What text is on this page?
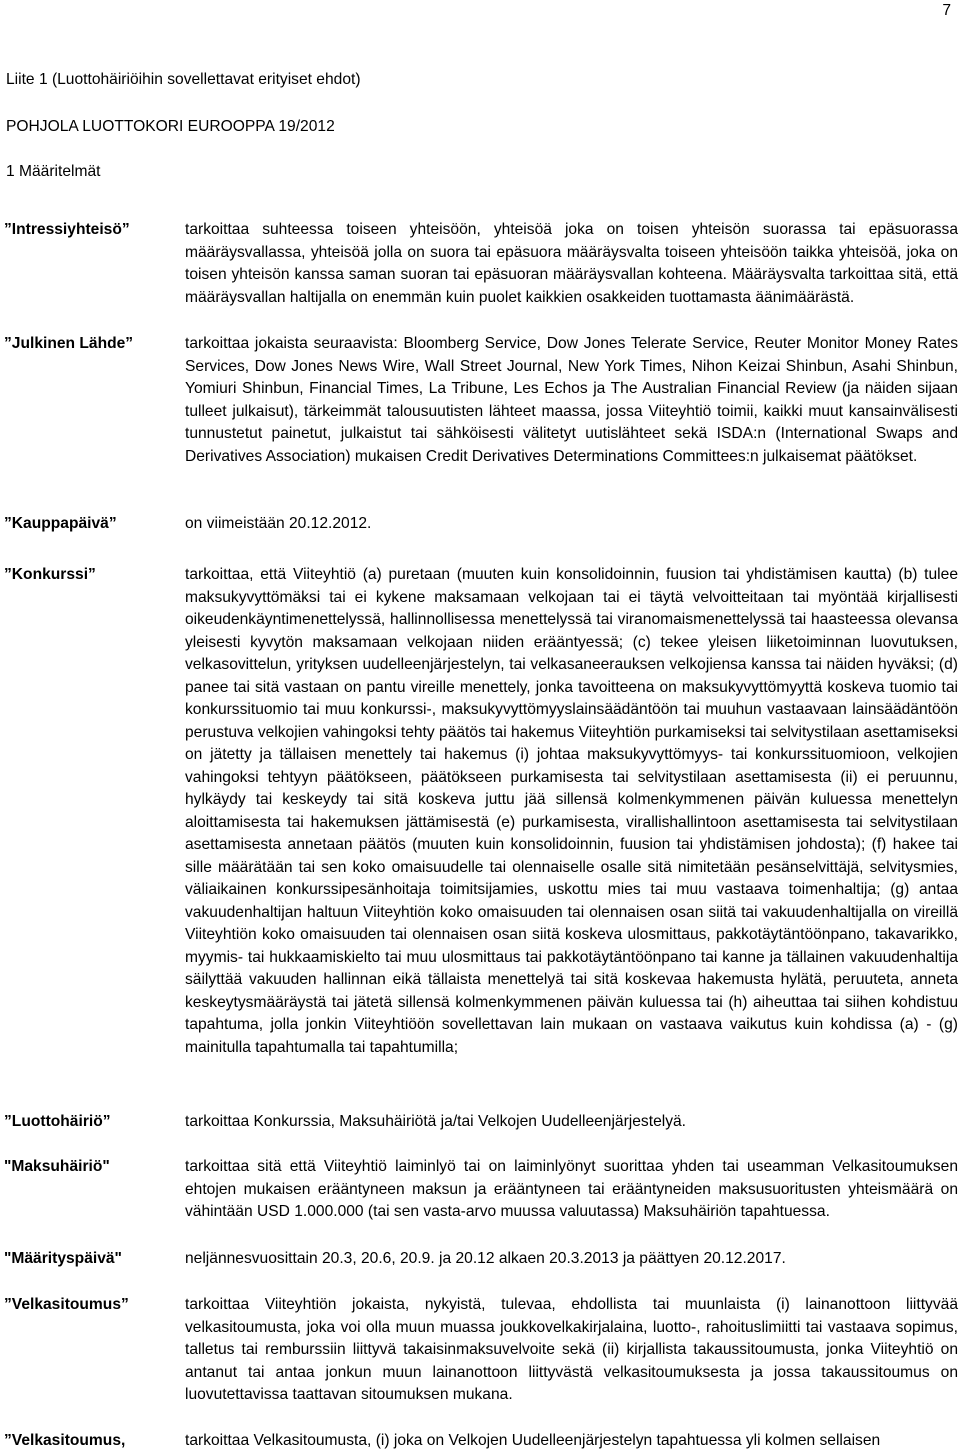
7
Liite 1 (Luottohäiriöihin sovellettavat erityiset ehdot)
POHJOLA LUOTTOKORI EUROOPPA 19/2012
1 Määritelmät
”Intressiyhteisö”	tarkoittaa suhteessa toiseen yhteisöön, yhteisöä joka on toisen yhteisön suorassa tai epäsuorassa määräysvallassa, yhteisöä jolla on suora tai epäsuora määräysvalta toiseen yhteisöön taikka yhteisöä, joka on toisen yhteisön kanssa saman suoran tai epäsuoran määräysvallan kohteena. Määräysvalta tarkoittaa sitä, että määräysvallan haltijalla on enemmän kuin puolet kaikkien osakkeiden tuottamasta äänimäärästä.
”Julkinen Lähde”	tarkoittaa jokaista seuraavista: Bloomberg Service, Dow Jones Telerate Service, Reuter Monitor Money Rates Services, Dow Jones News Wire, Wall Street Journal, New York Times, Nihon Keizai Shinbun, Asahi Shinbun, Yomiuri Shinbun, Financial Times, La Tribune, Les Echos ja The Australian Financial Review (ja näiden sijaan tulleet julkaisut), tärkeimmät talousuutisten lähteet maassa, jossa Viiteyhtiö toimii, kaikki muut kansainvälisesti tunnustetut painetut, julkaistut tai sähköisesti välitetyt uutislähteet sekä ISDA:n (International Swaps and Derivatives Association) mukaisen Credit Derivatives Determinations Committees:n julkaisemat päätökset.
”Kauppapäivä”	on viimeistään 20.12.2012.
”Konkurssi”	tarkoittaa, että Viiteyhtiö (a) puretaan (muuten kuin konsolidoinnin, fuusion tai yhdistämisen kautta) (b) tulee maksukyvyttömäksi tai ei kykene maksamaan velkojaan tai ei täytä velvoitteitaan tai myöntää kirjallisesti oikeudenkäyntimenettelyssä, hallinnollisessa menettelyssä tai viranomaismenettelyssä tai haasteessa olevansa yleisesti kyvytön maksamaan velkojaan niiden erääntyessä; (c) tekee yleisen liiketoiminnan luovutuksen, velkasovittelun, yrityksen uudelleenjärjestelyn, tai velkasaneerauksen velkojiensa kanssa tai näiden hyväksi; (d) panee tai sitä vastaan on pantu vireille menettely, jonka tavoitteena on maksukyvyttömyyttä koskeva tuomio tai konkurssituomio tai muu konkurssi-, maksukyvyttömyyslainsäädäntöön tai muuhun vastaavaan lainsäädäntöön perustuva velkojien vahingoksi tehty päätös tai hakemus Viiteyhtiön purkamiseksi tai selvitystilaan asettamiseksi on jätetty ja tällaisen menettely tai hakemus (i) johtaa maksukyvyttömyys- tai konkurssituomioon, velkojien vahingoksi tehtyyn päätökseen, päätökseen purkamisesta tai selvitystilaan asettamisesta (ii) ei peruunnu, hylkäydy tai keskeydy tai sitä koskeva juttu jää sillensä kolmenkymmenen päivän kuluessa menettelyn aloittamisesta tai hakemuksen jättämisestä (e) purkamisesta, virallishallintoon asettamisesta tai selvitystilaan asettamisesta annetaan päätös (muuten kuin konsolidoinnin, fuusion tai yhdistämisen johdosta); (f) hakee tai sille määrätään tai sen koko omaisuudelle tai olennaiselle osalle sitä nimitetään pesänselvittäjä, selvitysmies, väliaikainen konkurssipesänhoitaja toimitsijamies, uskottu mies tai muu vastaava toimenhaltija; (g) antaa vakuudenhaltijan haltuun Viiteyhtiön koko omaisuuden tai olennaisen osan siitä tai vakuudenhaltijalla on vireillä Viiteyhtiön koko omaisuuden tai olennaisen osan siitä koskeva ulosmittaus, pakkotäytäntöönpano, takavarikko, myymis- tai hukkaamiskielto tai muu ulosmittaus tai pakkotäytäntöönpano tai kanne ja tällainen vakuudenhaltija säilyttää vakuuden hallinnan eikä tällaista menettelyä tai sitä koskevaa hakemusta hylätä, peruuteta, anneta keskeytysmääräystä tai jätetä sillensä kolmenkymmenen päivän kuluessa tai (h) aiheuttaa tai siihen kohdistuu tapahtuma, jolla jonkin Viiteyhtiöön sovellettavan lain mukaan on vastaava vaikutus kuin kohdissa (a) - (g) mainitulla tapahtumalla tai tapahtumilla;
”Luottohäiriö”	tarkoittaa Konkurssia, Maksuhäiriötä ja/tai Velkojen Uudelleenjärjestelyä.
"Maksuhäiriö"	tarkoittaa sitä että Viiteyhtiö laiminlyö tai on laiminlyönyt suorittaa yhden tai useamman Velkasitoumuksen ehtojen mukaisen erääntyneen maksun ja erääntyneen tai erääntyneiden maksusuoritusten yhteismäärä on vähintään USD 1.000.000 (tai sen vasta-arvo muussa valuutassa) Maksuhäiriön tapahtuessa.
"Määrityspäivä"	neljännesvuosittain 20.3, 20.6, 20.9. ja 20.12 alkaen 20.3.2013 ja päättyen 20.12.2017.
”Velkasitoumus”	tarkoittaa Viiteyhtiön jokaista, nykyistä, tulevaa, ehdollista tai muunlaista (i) lainanottoon liittyvää velkasitoumusta, joka voi olla muun muassa joukkovelkakirjalaina, luotto-, rahoituslimiitti tai vastaava sopimus, talletus tai remburssiin liittyvä takaisinmaksuvelvoite sekä (ii) kirjallista takaussitoumusta, jonka Viiteyhtiö on antanut tai antaa jonkun muun lainanottoon liittyvästä velkasitoumuksesta ja jossa takaussitoumus on luovutettavissa taattavan sitoumuksen mukana.
”Velkasitoumus,	tarkoittaa Velkasitoumusta, (i) joka on Velkojen Uudelleenjärjestelyn tapahtuessa yli kolmen sellaisen
